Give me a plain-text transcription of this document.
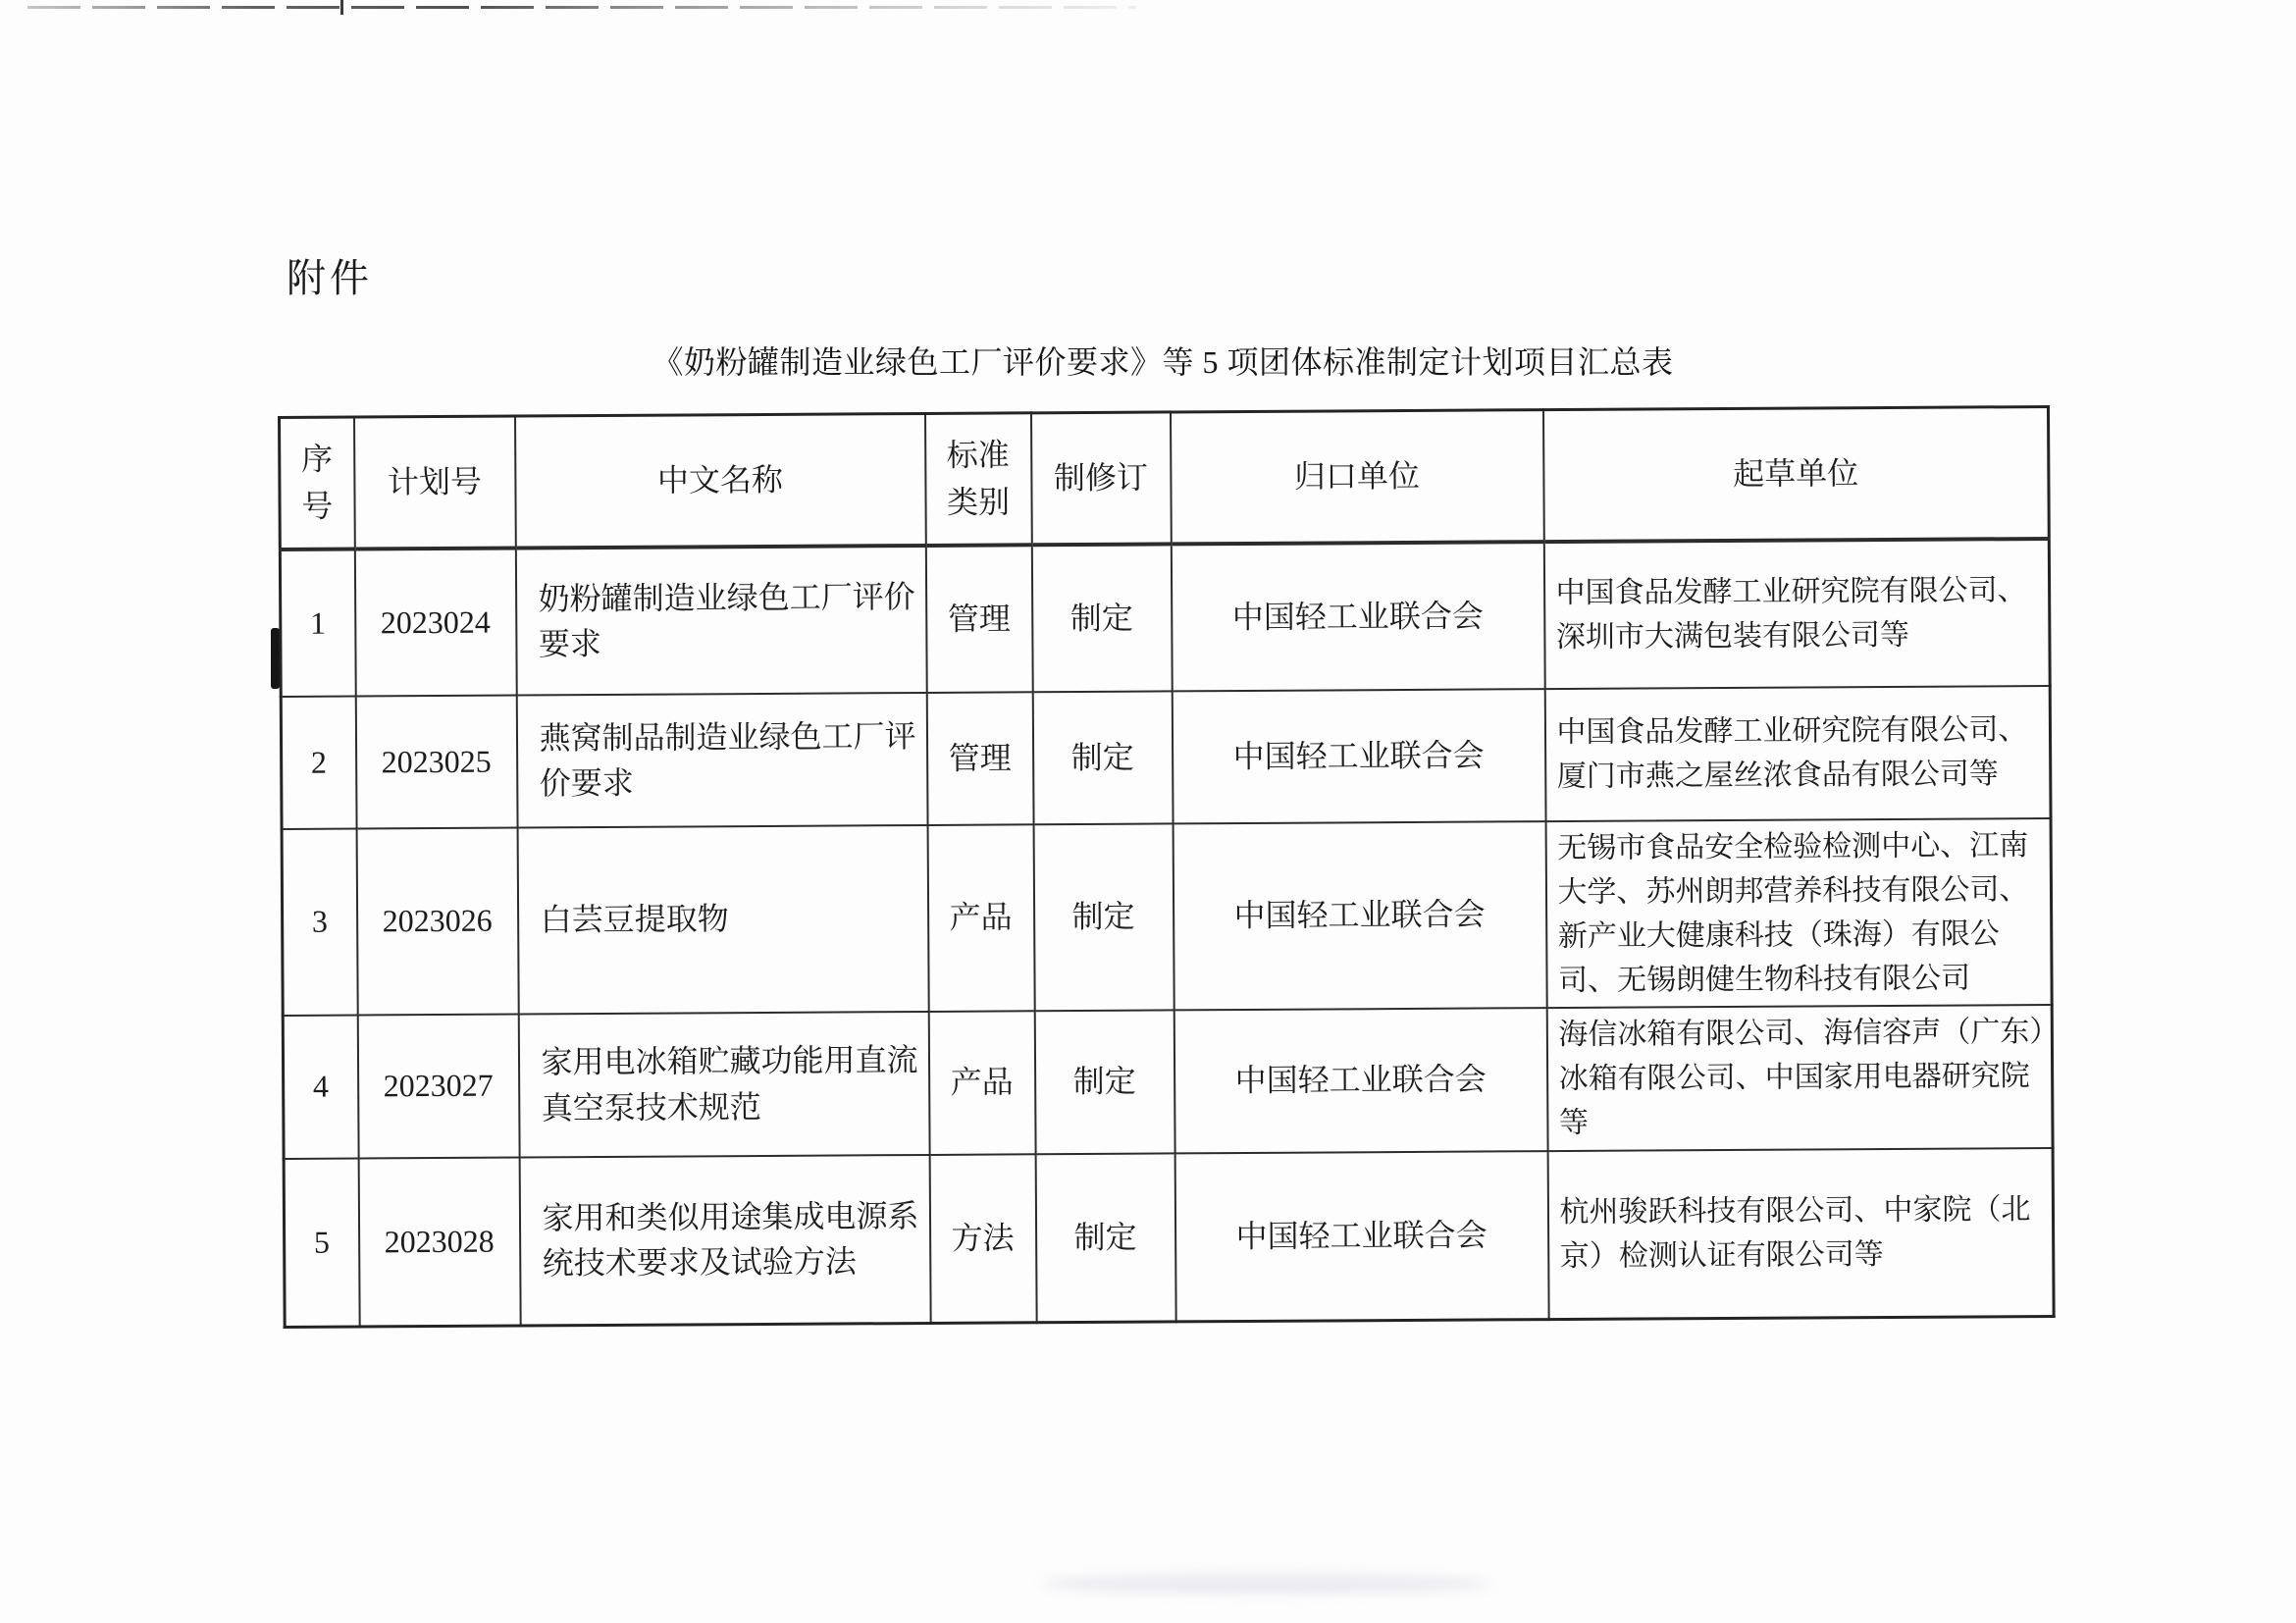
附件
《奶粉罐制造业绿色工厂评价要求》等 5 项团体标准制定计划项目汇总表
序号	计划号	中文名称	标准类别	制修订	归口单位	起草单位
1	2023024	奶粉罐制造业绿色工厂评价要求	管理	制定	中国轻工业联合会	中国食品发酵工业研究院有限公司、深圳市大满包装有限公司等
2	2023025	燕窝制品制造业绿色工厂评价要求	管理	制定	中国轻工业联合会	中国食品发酵工业研究院有限公司、厦门市燕之屋丝浓食品有限公司等
3	2023026	白芸豆提取物	产品	制定	中国轻工业联合会	无锡市食品安全检验检测中心、江南大学、苏州朗邦营养科技有限公司、新产业大健康科技（珠海）有限公司、无锡朗健生物科技有限公司
4	2023027	家用电冰箱贮藏功能用直流真空泵技术规范	产品	制定	中国轻工业联合会	海信冰箱有限公司、海信容声（广东）冰箱有限公司、中国家用电器研究院等
5	2023028	家用和类似用途集成电源系统技术要求及试验方法	方法	制定	中国轻工业联合会	杭州骏跃科技有限公司、中家院（北京）检测认证有限公司等
